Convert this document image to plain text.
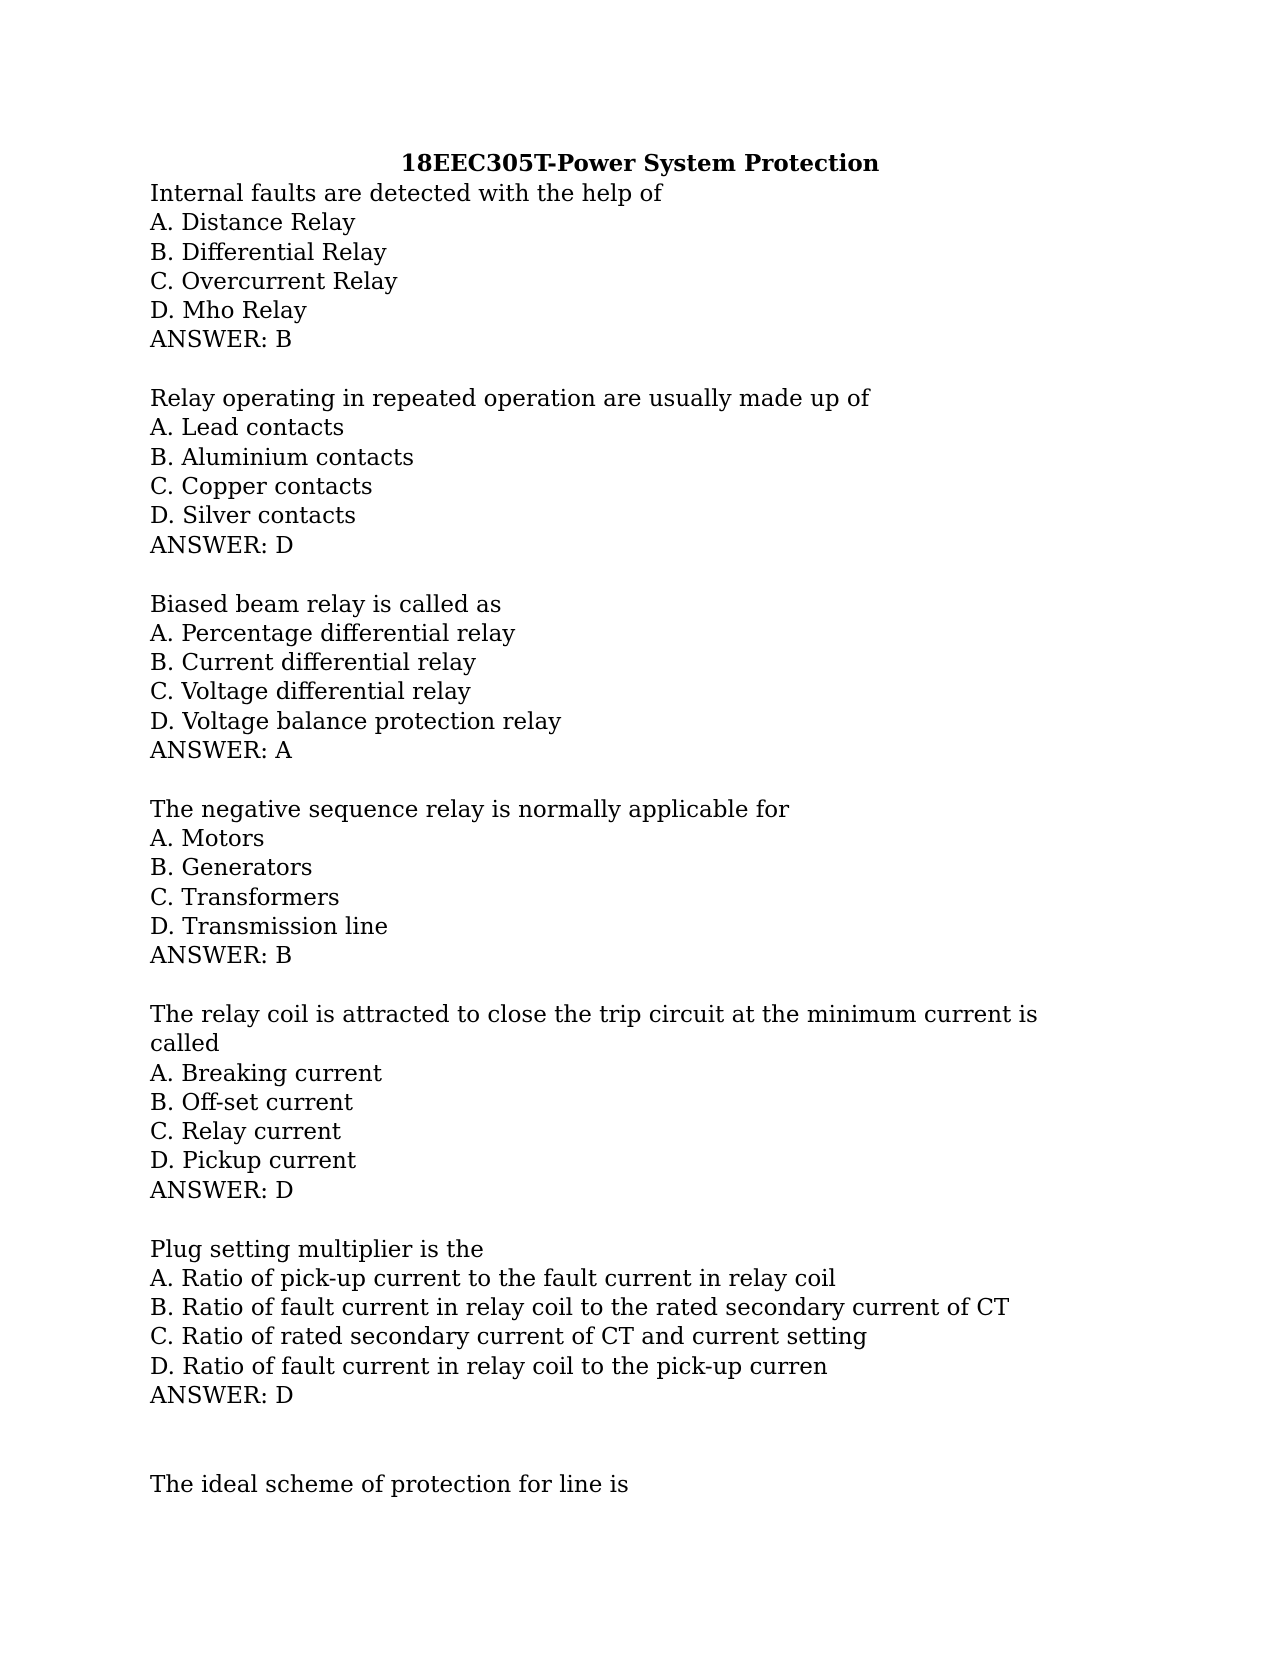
18EEC305T-Power System Protection
Internal faults are detected with the help of
A. Distance Relay
B. Differential Relay
C. Overcurrent Relay
D. Mho Relay
ANSWER: B
Relay operating in repeated operation are usually made up of
A. Lead contacts
B. Aluminium contacts
C. Copper contacts
D. Silver contacts
ANSWER: D
Biased beam relay is called as
A. Percentage differential relay
B. Current differential relay
C. Voltage differential relay
D. Voltage balance protection relay
ANSWER: A
The negative sequence relay is normally applicable for
A. Motors
B. Generators
C. Transformers
D. Transmission line
ANSWER: B
The relay coil is attracted to close the trip circuit at the minimum current is
called
A. Breaking current
B. Off-set current
C. Relay current
D. Pickup current
ANSWER: D
Plug setting multiplier is the
A. Ratio of pick-up current to the fault current in relay coil
B. Ratio of fault current in relay coil to the rated secondary current of CT
C. Ratio of rated secondary current of CT and current setting
D. Ratio of fault current in relay coil to the pick-up curren
ANSWER: D
The ideal scheme of protection for line is
